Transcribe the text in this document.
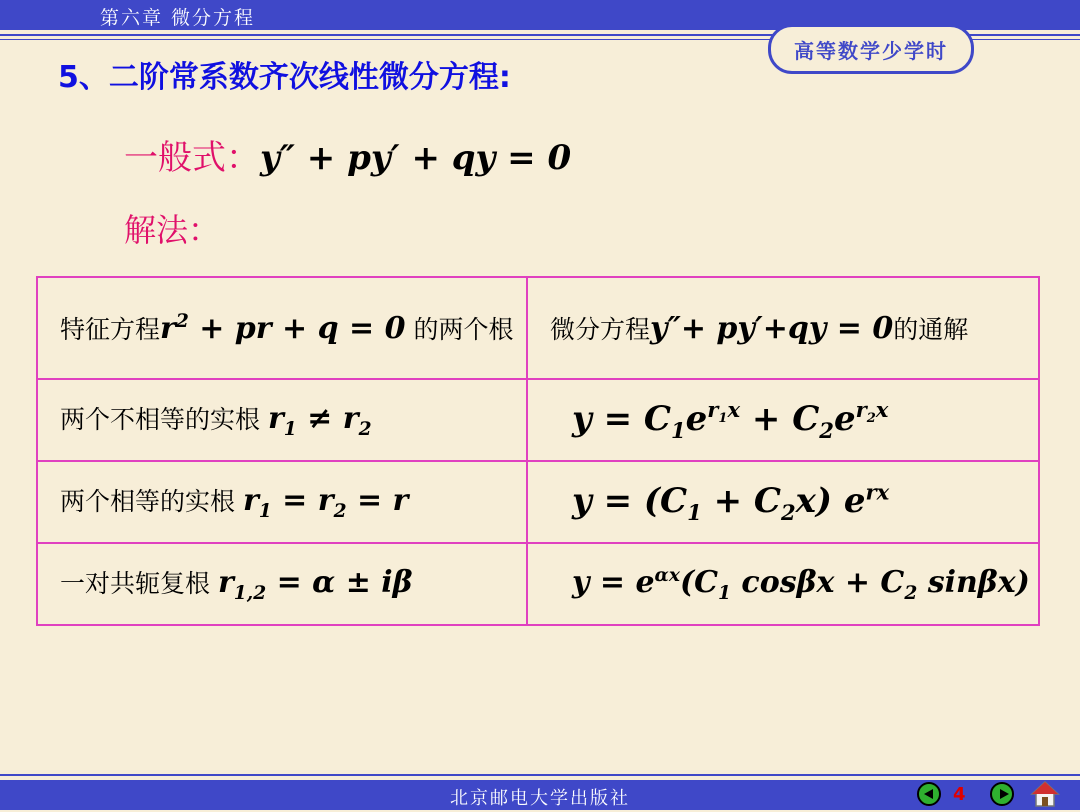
第六章 微分方程
高等数学少学时
5、二阶常系数齐次线性微分方程:
一般式：y″ + py′ + qy = 0
解法：
特征方程$r^2$ + pr + q = 0 的两个根	微分方程y″+ py′+qy = 0的通解
两个不相等的实根 $r_1 \ne r_2$	$y = C_1e^{r_1x} + C_2e^{r_2x}$
两个相等的实根 $r_1 = r_2 = r$	$y = (C_1 + C_2x)$ $e^{rx}$
一对共轭复根 $r_{1,2} = \alpha \pm i\beta$	$y = e^{\alpha x}(C_1$ $\cos\beta x + C_2$ sinβx)
北京邮电大学出版社	4
